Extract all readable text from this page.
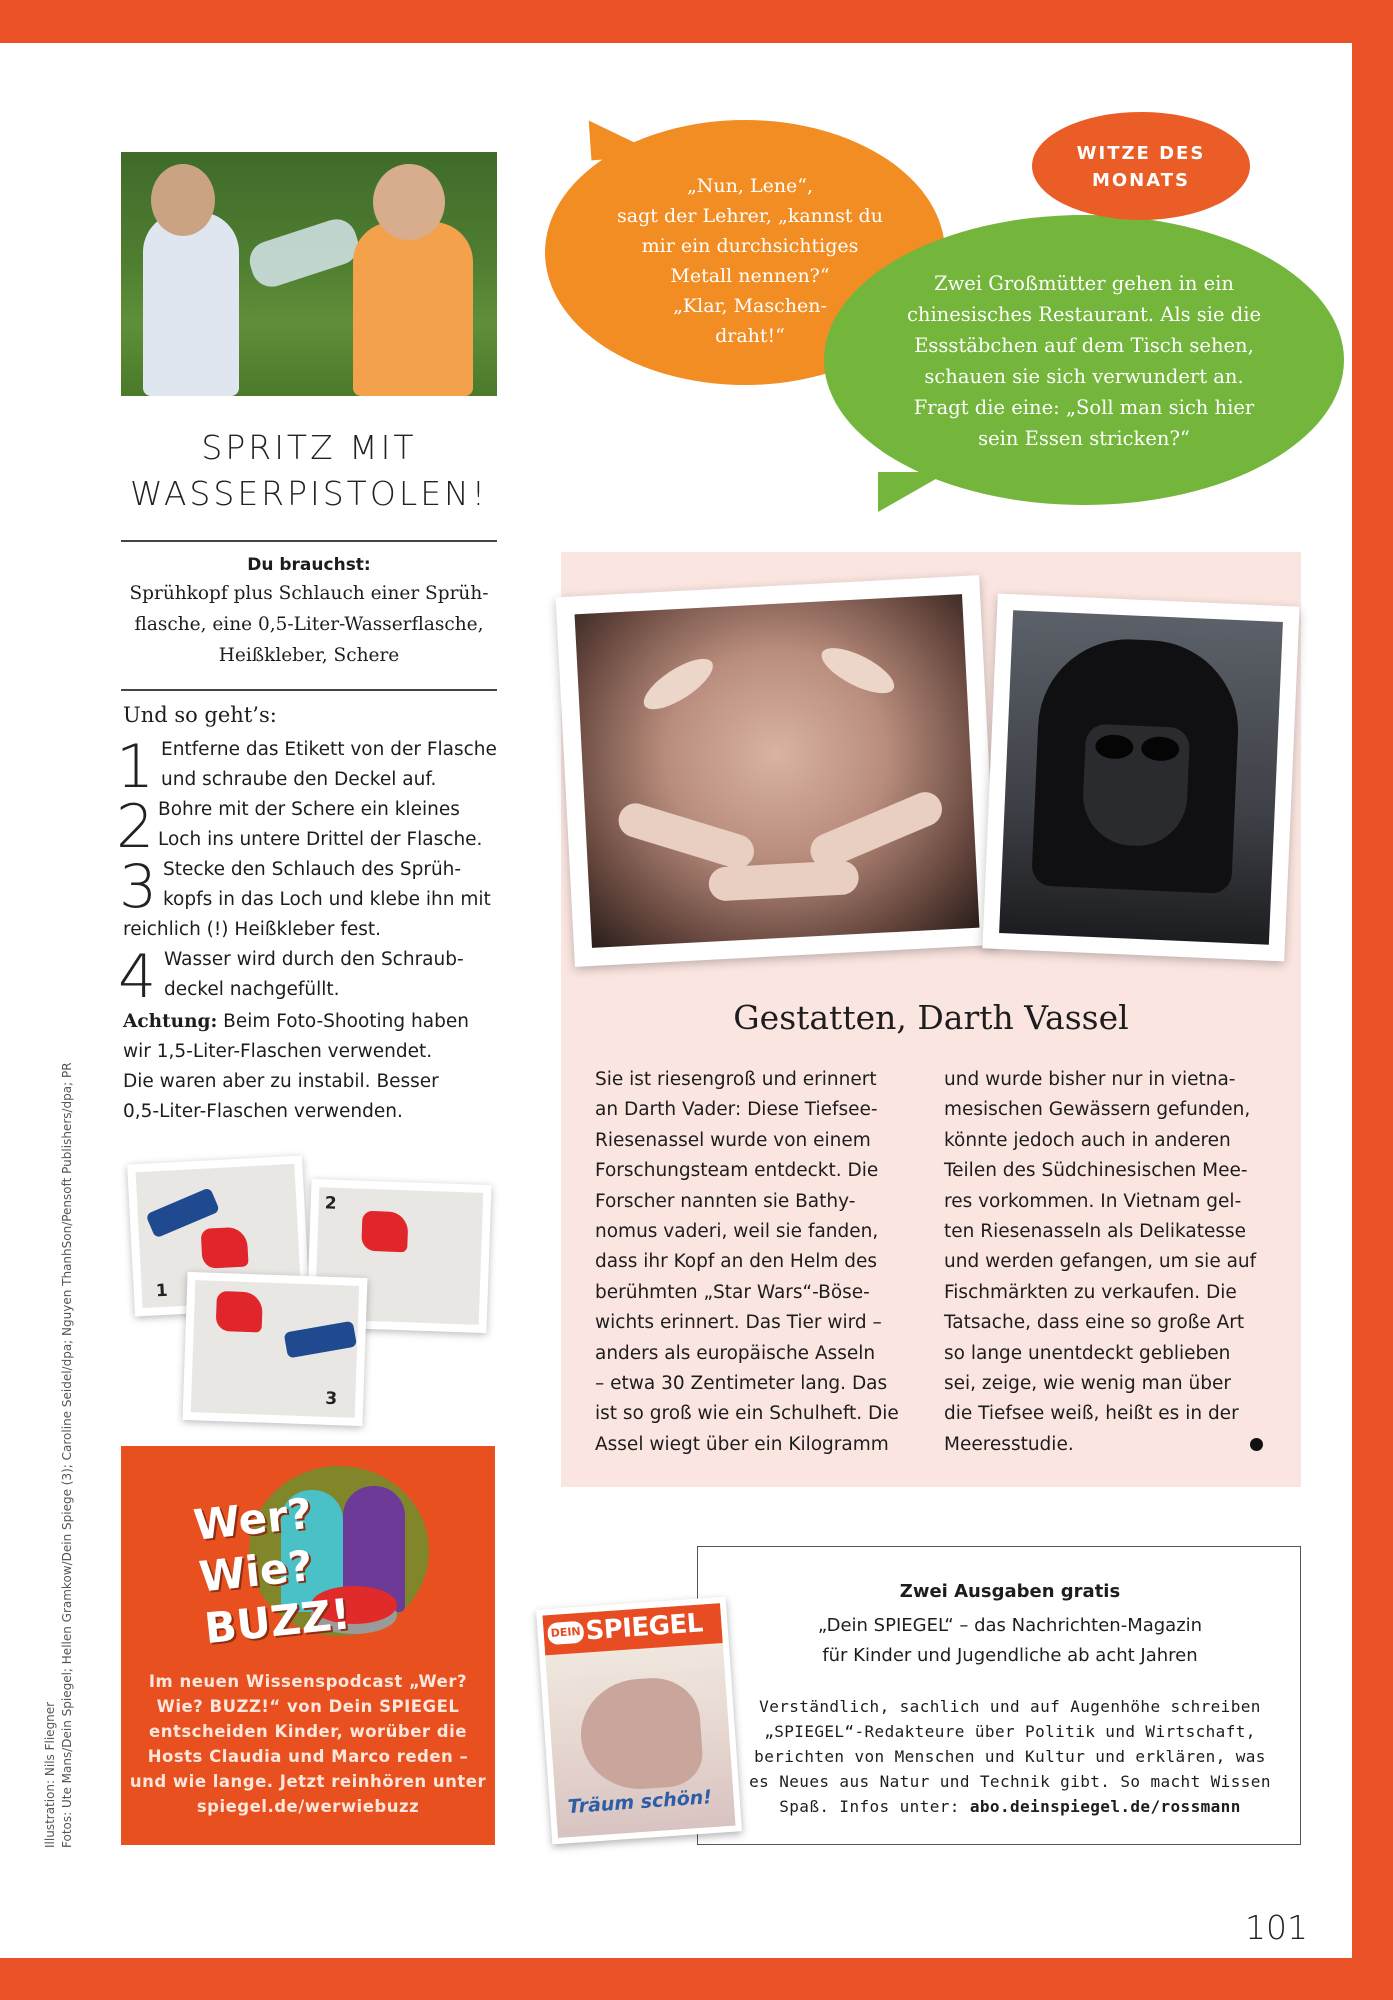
SPRITZ MIT
WASSERPISTOLEN!
Du brauchst:
Sprühkopf plus Schlauch einer Sprüh-
flasche, eine 0,5-Liter-Wasserflasche,
Heißkleber, Schere
Und so geht’s:
1 Entferne das Etikett von der Flasche
und schraube den Deckel auf.
2 Bohre mit der Schere ein kleines
Loch ins untere Drittel der Flasche.
3 Stecke den Schlauch des Sprüh-
kopfs in das Loch und klebe ihn mit
reichlich (!) Heißkleber fest.
4 Wasser wird durch den Schraub-
deckel nachgefüllt.
Achtung: Beim Foto-Shooting haben
wir 1,5-Liter-Flaschen verwendet.
Die waren aber zu instabil. Besser
0,5-Liter-Flaschen verwenden.
1
2
3
Wer?
Wie?
BUZZ!
Im neuen Wissenspodcast „Wer?
Wie? BUZZ!“ von Dein SPIEGEL
entscheiden Kinder, worüber die
Hosts Claudia und Marco reden –
und wie lange. Jetzt reinhören unter
spiegel.de/werwiebuzz
Illustration: Nils Fliegner Fotos: Ute Mans/Dein Spiegel; Hellen Gramkow/Dein Spiege (3); Caroline Seidel/dpa; Nguyen ThanhSon/Pensoft Publishers/dpa; PR
„Nun, Lene“,
sagt der Lehrer, „kannst du
mir ein durchsichtiges
Metall nennen?“
„Klar, Maschen-
draht!“
WITZE DES
MONATS
Zwei Großmütter gehen in ein
chinesisches Restaurant. Als sie die
Essstäbchen auf dem Tisch sehen,
schauen sie sich verwundert an.
Fragt die eine: „Soll man sich hier
sein Essen stricken?“
Gestatten, Darth Vassel
Sie ist riesengroß und erinnert
an Darth Vader: Diese Tiefsee-
Riesenassel wurde von einem
Forschungsteam entdeckt. Die
Forscher nannten sie Bathy-
nomus vaderi, weil sie fanden,
dass ihr Kopf an den Helm des
berühmten „Star Wars“-Böse-
wichts erinnert. Das Tier wird –
anders als europäische Asseln
– etwa 30 Zentimeter lang. Das
ist so groß wie ein Schulheft. Die
Assel wiegt über ein Kilogramm
und wurde bisher nur in vietna-
mesischen Gewässern gefunden,
könnte jedoch auch in anderen
Teilen des Südchinesischen Mee-
res vorkommen. In Vietnam gel-
ten Riesenasseln als Delikatesse
und werden gefangen, um sie auf
Fischmärkten zu verkaufen. Die
Tatsache, dass eine so große Art
so lange unentdeckt geblieben
sei, zeige, wie wenig man über
die Tiefsee weiß, heißt es in der
Meeresstudie.
Zwei Ausgaben gratis
„Dein SPIEGEL“ – das Nachrichten-Magazin
für Kinder und Jugendliche ab acht Jahren
Verständlich, sachlich und auf Augenhöhe schreiben
„SPIEGEL“-Redakteure über Politik und Wirtschaft,
berichten von Menschen und Kultur und erklären, was
es Neues aus Natur und Technik gibt. So macht Wissen
Spaß. Infos unter: abo.deinspiegel.de/rossmann
DEIN SPIEGEL
Träum schön!
101
